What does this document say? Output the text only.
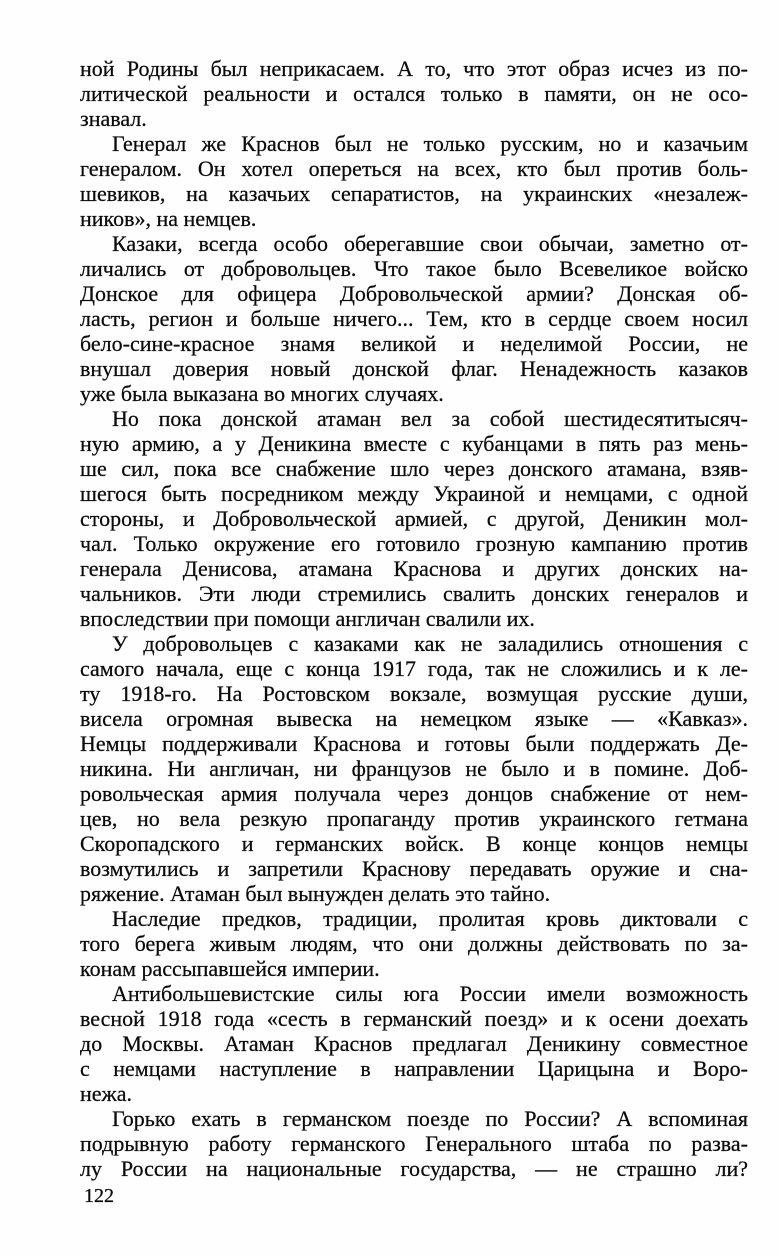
ной Родины был неприкасаем. А то, что этот образ исчез из по-
литической реальности и остался только в памяти, он не осо-
знавал.
Генерал же Краснов был не только русским, но и казачьим
генералом. Он хотел опереться на всех, кто был против боль-
шевиков, на казачьих сепаратистов, на украинских «незалеж-
ников», на немцев.
Казаки, всегда особо оберегавшие свои обычаи, заметно от-
личались от добровольцев. Что такое было Всевеликое войско
Донское для офицера Добровольческой армии? Донская об-
ласть, регион и больше ничего... Тем, кто в сердце своем носил
бело-сине-красное знамя великой и неделимой России, не
внушал доверия новый донской флаг. Ненадежность казаков
уже была выказана во многих случаях.
Но пока донской атаман вел за собой шестидесятитысяч-
ную армию, а у Деникина вместе с кубанцами в пять раз мень-
ше сил, пока все снабжение шло через донского атамана, взяв-
шегося быть посредником между Украиной и немцами, с одной
стороны, и Добровольческой армией, с другой, Деникин мол-
чал. Только окружение его готовило грозную кампанию против
генерала Денисова, атамана Краснова и других донских на-
чальников. Эти люди стремились свалить донских генералов и
впоследствии при помощи англичан свалили их.
У добровольцев с казаками как не заладились отношения с
самого начала, еще с конца 1917 года, так не сложились и к ле-
ту 1918-го. На Ростовском вокзале, возмущая русские души,
висела огромная вывеска на немецком языке — «Кавказ».
Немцы поддерживали Краснова и готовы были поддержать Де-
никина. Ни англичан, ни французов не было и в помине. Доб-
ровольческая армия получала через донцов снабжение от нем-
цев, но вела резкую пропаганду против украинского гетмана
Скоропадского и германских войск. В конце концов немцы
возмутились и запретили Краснову передавать оружие и сна-
ряжение. Атаман был вынужден делать это тайно.
Наследие предков, традиции, пролитая кровь диктовали с
того берега живым людям, что они должны действовать по за-
конам рассыпавшейся империи.
Антибольшевистские силы юга России имели возможность
весной 1918 года «сесть в германский поезд» и к осени доехать
до Москвы. Атаман Краснов предлагал Деникину совместное
с немцами наступление в направлении Царицына и Воро-
нежа.
Горько ехать в германском поезде по России? А вспоминая
подрывную работу германского Генерального штаба по разва-
лу России на национальные государства, — не страшно ли?
122
